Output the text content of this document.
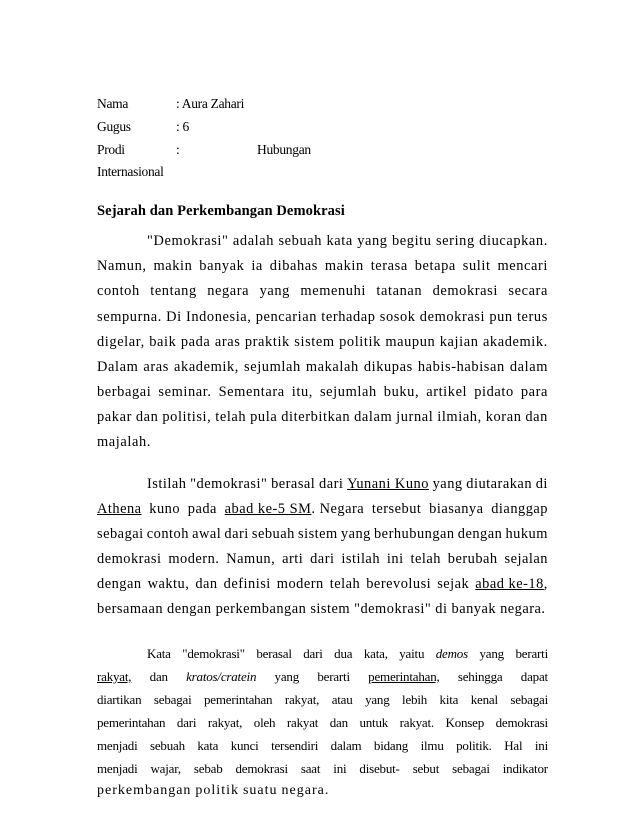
Nama	: Aura Zahari
Gugus	: 6
Prodi	:	Hubungan
Internasional
Sejarah dan Perkembangan Demokrasi
"Demokrasi" adalah sebuah kata yang begitu sering diucapkan.
Namun, makin banyak ia dibahas makin terasa betapa sulit mencari
contoh tentang negara yang memenuhi tatanan demokrasi secara
sempurna. Di Indonesia, pencarian terhadap sosok demokrasi pun terus
digelar, baik pada aras praktik sistem politik maupun kajian akademik.
Dalam aras akademik, sejumlah makalah dikupas habis-habisan dalam
berbagai seminar. Sementara itu, sejumlah buku, artikel pidato para
pakar dan politisi, telah pula diterbitkan dalam jurnal ilmiah, koran dan
majalah.
Istilah "demokrasi" berasal dari Yunani Kuno yang diutarakan di
Athena kuno pada abad ke-5 SM . Negara tersebut biasanya dianggap
sebagai contoh awal dari sebuah sistem yang berhubungan dengan hukum
demokrasi modern. Namun, arti dari istilah ini telah berubah sejalan
dengan waktu, dan definisi modern telah berevolusi sejak abad ke-18 ,
bersamaan dengan perkembangan sistem "demokrasi" di banyak negara.
Kata "demokrasi" berasal dari dua kata, yaitu demos yang berarti
rakyat, dan kratos/cratein yang berarti pemerintahan, sehingga dapat
diartikan sebagai pemerintahan rakyat, atau yang lebih kita kenal sebagai
pemerintahan dari rakyat, oleh rakyat dan untuk rakyat. Konsep demokrasi
menjadi sebuah kata kunci tersendiri dalam bidang ilmu politik. Hal ini
menjadi wajar, sebab demokrasi saat ini disebut- sebut sebagai indikator
perkembangan politik suatu negara.
